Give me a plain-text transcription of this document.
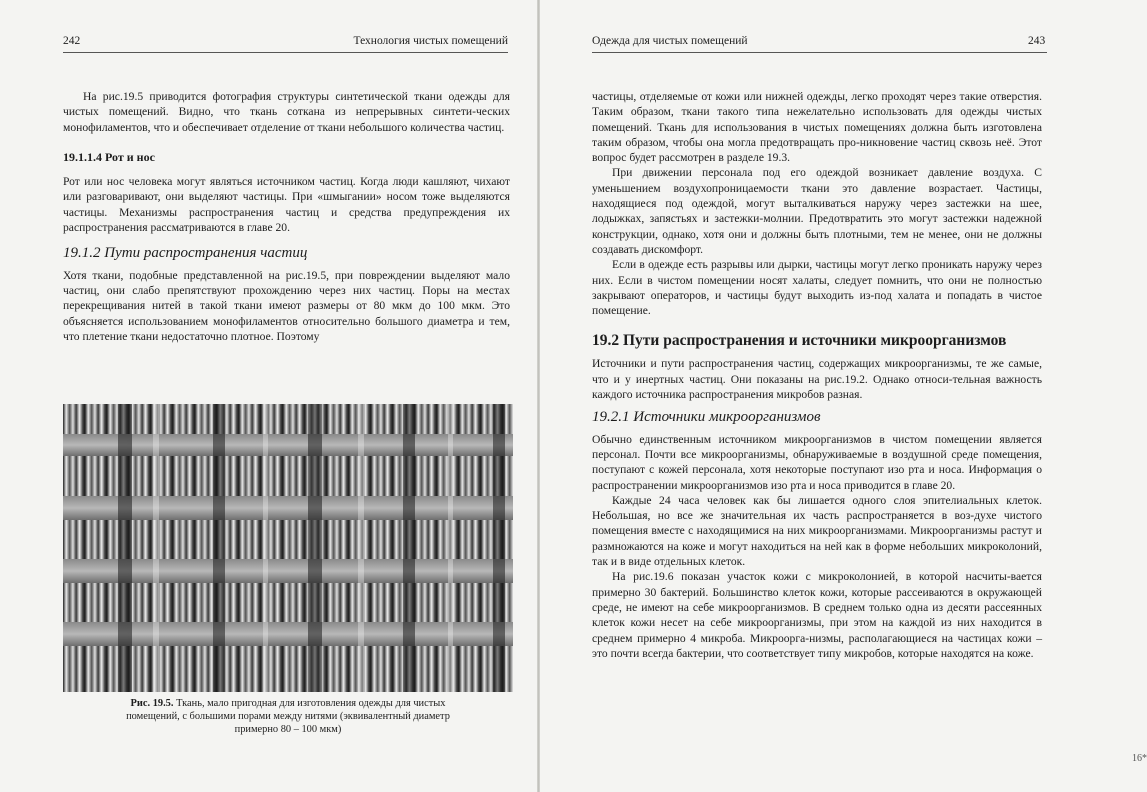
242	Технология чистых помещений

На рис.19.5 приводится фотография структуры синтетической ткани одежды для чистых помещений. Видно, что ткань соткана из непрерывных синтети-ческих монофиламентов, что и обеспечивает отделение от ткани небольшого количества частиц.

19.1.1.4 Рот и нос

Рот или нос человека могут являться источником частиц. Когда люди кашляют, чихают или разговаривают, они выделяют частицы. При «шмыгании» носом тоже выделяются частицы. Механизмы распространения частиц и средства предупреждения их распространения рассматриваются в главе 20.

19.1.2 Пути распространения частиц

Хотя ткани, подобные представленной на рис.19.5, при повреждении выделяют мало частиц, они слабо препятствуют прохождению через них частиц. Поры на местах перекрещивания нитей в такой ткани имеют размеры от 80 мкм до 100 мкм. Это объясняется использованием монофиламентов относительно большого диаметра и тем, что плетение ткани недостаточно плотное. Поэтому

Рис. 19.5. Ткань, мало пригодная для изготовления одежды для чистых помещений, с большими порами между нитями (эквивалентный диаметр примерно 80 – 100 мкм)
Одежда для чистых помещений	243

частицы, отделяемые от кожи или нижней одежды, легко проходят через такие отверстия. Таким образом, ткани такого типа нежелательно использовать для одежды чистых помещений. Ткань для использования в чистых помещениях должна быть изготовлена таким образом, чтобы она могла предотвращать про-никновение частиц сквозь неё. Этот вопрос будет рассмотрен в разделе 19.3.

При движении персонала под его одеждой возникает давление воздуха. С уменьшением воздухопроницаемости ткани это давление возрастает. Частицы, находящиеся под одеждой, могут выталкиваться наружу через застежки на шее, лодыжках, запястьях и застежки-молнии. Предотвратить это могут застежки надежной конструкции, однако, хотя они и должны быть плотными, тем не менее, они не должны создавать дискомфорт.

Если в одежде есть разрывы или дырки, частицы могут легко проникать наружу через них. Если в чистом помещении носят халаты, следует помнить, что они не полностью закрывают операторов, и частицы будут выходить из-под халата и попадать в чистое помещение.

19.2 Пути распространения и источники микроорганизмов

Источники и пути распространения частиц, содержащих микроорганизмы, те же самые, что и у инертных частиц. Они показаны на рис.19.2. Однако относи-тельная важность каждого источника распространения микробов разная.

19.2.1 Источники микроорганизмов

Обычно единственным источником микроорганизмов в чистом помещении является персонал. Почти все микроорганизмы, обнаруживаемые в воздушной среде помещения, поступают с кожей персонала, хотя некоторые поступают изо рта и носа. Информация о распространении микроорганизмов изо рта и носа приводится в главе 20.

Каждые 24 часа человек как бы лишается одного слоя эпителиальных клеток. Небольшая, но все же значительная их часть распространяется в воз-духе чистого помещения вместе с находящимися на них микроорганизмами. Микроорганизмы растут и размножаются на коже и могут находиться на ней как в форме небольших микроколоний, так и в виде отдельных клеток.

На рис.19.6 показан участок кожи с микроколонией, в которой насчиты-вается примерно 30 бактерий. Большинство клеток кожи, которые рассеиваются в окружающей среде, не имеют на себе микроорганизмов. В среднем только одна из десяти рассеянных клеток кожи несет на себе микроорганизмы, при этом на каждой из них находится в среднем примерно 4 микроба. Микроорга-низмы, располагающиеся на частицах кожи – это почти всегда бактерии, что соответствует типу микробов, которые находятся на коже.

16*
